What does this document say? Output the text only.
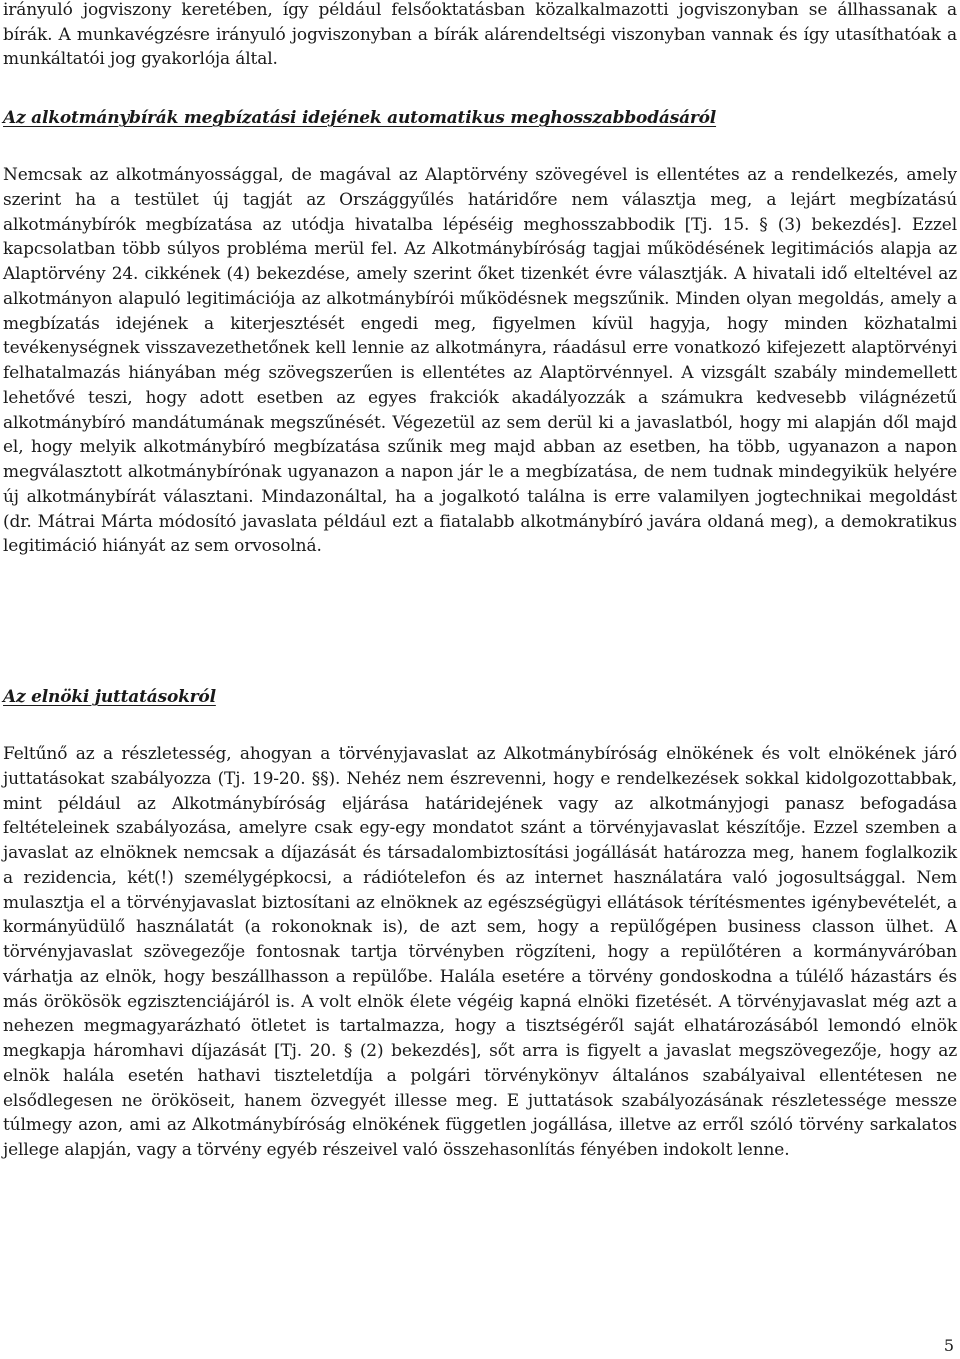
irányuló jogviszony keretében, így például felsőoktatásban közalkalmazotti jogviszonyban se állhassanak a bírák. A munkavégzésre irányuló jogviszonyban a bírák alárendeltségi viszonyban vannak és így utasíthatóak a munkáltatói jog gyakorlója által.

Az alkotmánybírák megbízatási idejének automatikus meghosszabbodásáról

Nemcsak az alkotmányossággal, de magával az Alaptörvény szövegével is ellentétes az a rendelkezés, amely szerint ha a testület új tagját az Országgyűlés határidőre nem választja meg, a lejárt megbízatású alkotmánybírók megbízatása az utódja hivatalba lépéséig meghosszabbodik [Tj. 15. § (3) bekezdés]. Ezzel kapcsolatban több súlyos probléma merül fel. Az Alkotmánybíróság tagjai működésének legitimációs alapja az Alaptörvény 24. cikkének (4) bekezdése, amely szerint őket tizenkét évre választják. A hivatali idő elteltével az alkotmányon alapuló legitimációja az alkotmánybírói működésnek megszűnik. Minden olyan megoldás, amely a megbízatás idejének a kiterjesztését engedi meg, figyelmen kívül hagyja, hogy minden közhatalmi tevékenységnek visszavezethetőnek kell lennie az alkotmányra, ráadásul erre vonatkozó kifejezett alaptörvényi felhatalmazás hiányában még szövegszerűen is ellentétes az Alaptörvénnyel. A vizsgált szabály mindemellett lehetővé teszi, hogy adott esetben az egyes frakciók akadályozzák a számukra kedvesebb világnézetű alkotmánybíró mandátumának megszűnését. Végezetül az sem derül ki a javaslatból, hogy mi alapján dől majd el, hogy melyik alkotmánybíró megbízatása szűnik meg majd abban az esetben, ha több, ugyanazon a napon megválasztott alkotmánybírónak ugyanazon a napon jár le a megbízatása, de nem tudnak mindegyikük helyére új alkotmánybírát választani. Mindazonáltal, ha a jogalkotó találna is erre valamilyen jogtechnikai megoldást (dr. Mátrai Márta módosító javaslata például ezt a fiatalabb alkotmánybíró javára oldaná meg), a demokratikus legitimáció hiányát az sem orvosolná.

Az elnöki juttatásokról

Feltűnő az a részletesség, ahogyan a törvényjavaslat az Alkotmánybíróság elnökének és volt elnökének járó juttatásokat szabályozza (Tj. 19-20. §§). Nehéz nem észrevenni, hogy e rendelkezések sokkal kidolgozottabbak, mint például az Alkotmánybíróság eljárása határidejének vagy az alkotmányjogi panasz befogadása feltételeinek szabályozása, amelyre csak egy-egy mondatot szánt a törvényjavaslat készítője. Ezzel szemben a javaslat az elnöknek nemcsak a díjazását és társadalombiztosítási jogállását határozza meg, hanem foglalkozik a rezidencia, két(!) személygépkocsi, a rádiótelefon és az internet használatára való jogosultsággal. Nem mulasztja el a törvényjavaslat biztosítani az elnöknek az egészségügyi ellátások térítésmentes igénybevételét, a kormányüdülő használatát (a rokonoknak is), de azt sem, hogy a repülőgépen business classon ülhet. A törvényjavaslat szövegezője fontosnak tartja törvényben rögzíteni, hogy a repülőtéren a kormányváróban várhatja az elnök, hogy beszállhasson a repülőbe. Halála esetére a törvény gondoskodna a túlélő házastárs és más örökösök egzisztenciájáról is. A volt elnök élete végéig kapná elnöki fizetését. A törvényjavaslat még azt a nehezen megmagyarázható ötletet is tartalmazza, hogy a tisztségéről saját elhatározásából lemondó elnök megkapja háromhavi díjazását [Tj. 20. § (2) bekezdés], sőt arra is figyelt a javaslat megszövegezője, hogy az elnök halála esetén hathavi tiszteletdíja a polgári törvénykönyv általános szabályaival ellentétesen ne elsődlegesen ne örököseit, hanem özvegyét illesse meg. E juttatások szabályozásának részletessége messze túlmegy azon, ami az Alkotmánybíróság elnökének független jogállása, illetve az erről szóló törvény sarkalatos jellege alapján, vagy a törvény egyéb részeivel való összehasonlítás fényében indokolt lenne.

5
